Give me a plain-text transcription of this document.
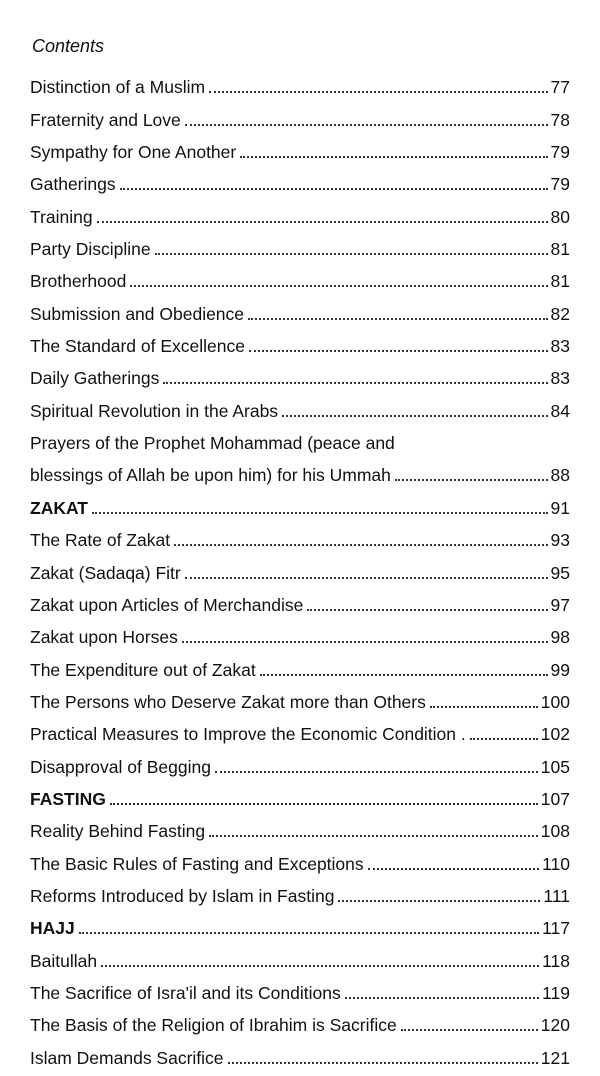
Contents
Distinction of a Muslim	77
Fraternity and Love	78
Sympathy for One Another	79
Gatherings	79
Training	80
Party Discipline	81
Brotherhood	81
Submission and Obedience	82
The Standard of Excellence	83
Daily Gatherings	83
Spiritual Revolution in the Arabs	84
Prayers of the Prophet Mohammad (peace and
blessings of Allah be upon him) for his Ummah	88
ZAKAT	91
The Rate of Zakat	93
Zakat (Sadaqa) Fitr	95
Zakat upon Articles of Merchandise	97
Zakat upon Horses	98
The Expenditure out of Zakat	99
The Persons who Deserve Zakat more than Others	100
Practical Measures to Improve the Economic Condition .	102
Disapproval of Begging	105
FASTING	107
Reality Behind Fasting	108
The Basic Rules of Fasting and Exceptions	110
Reforms Introduced by Islam in Fasting	111
HAJJ	117
Baitullah	118
The Sacrifice of Isra'il and its Conditions	119
The Basis of the Religion of Ibrahim is Sacrifice	120
Islam Demands Sacrifice	121
